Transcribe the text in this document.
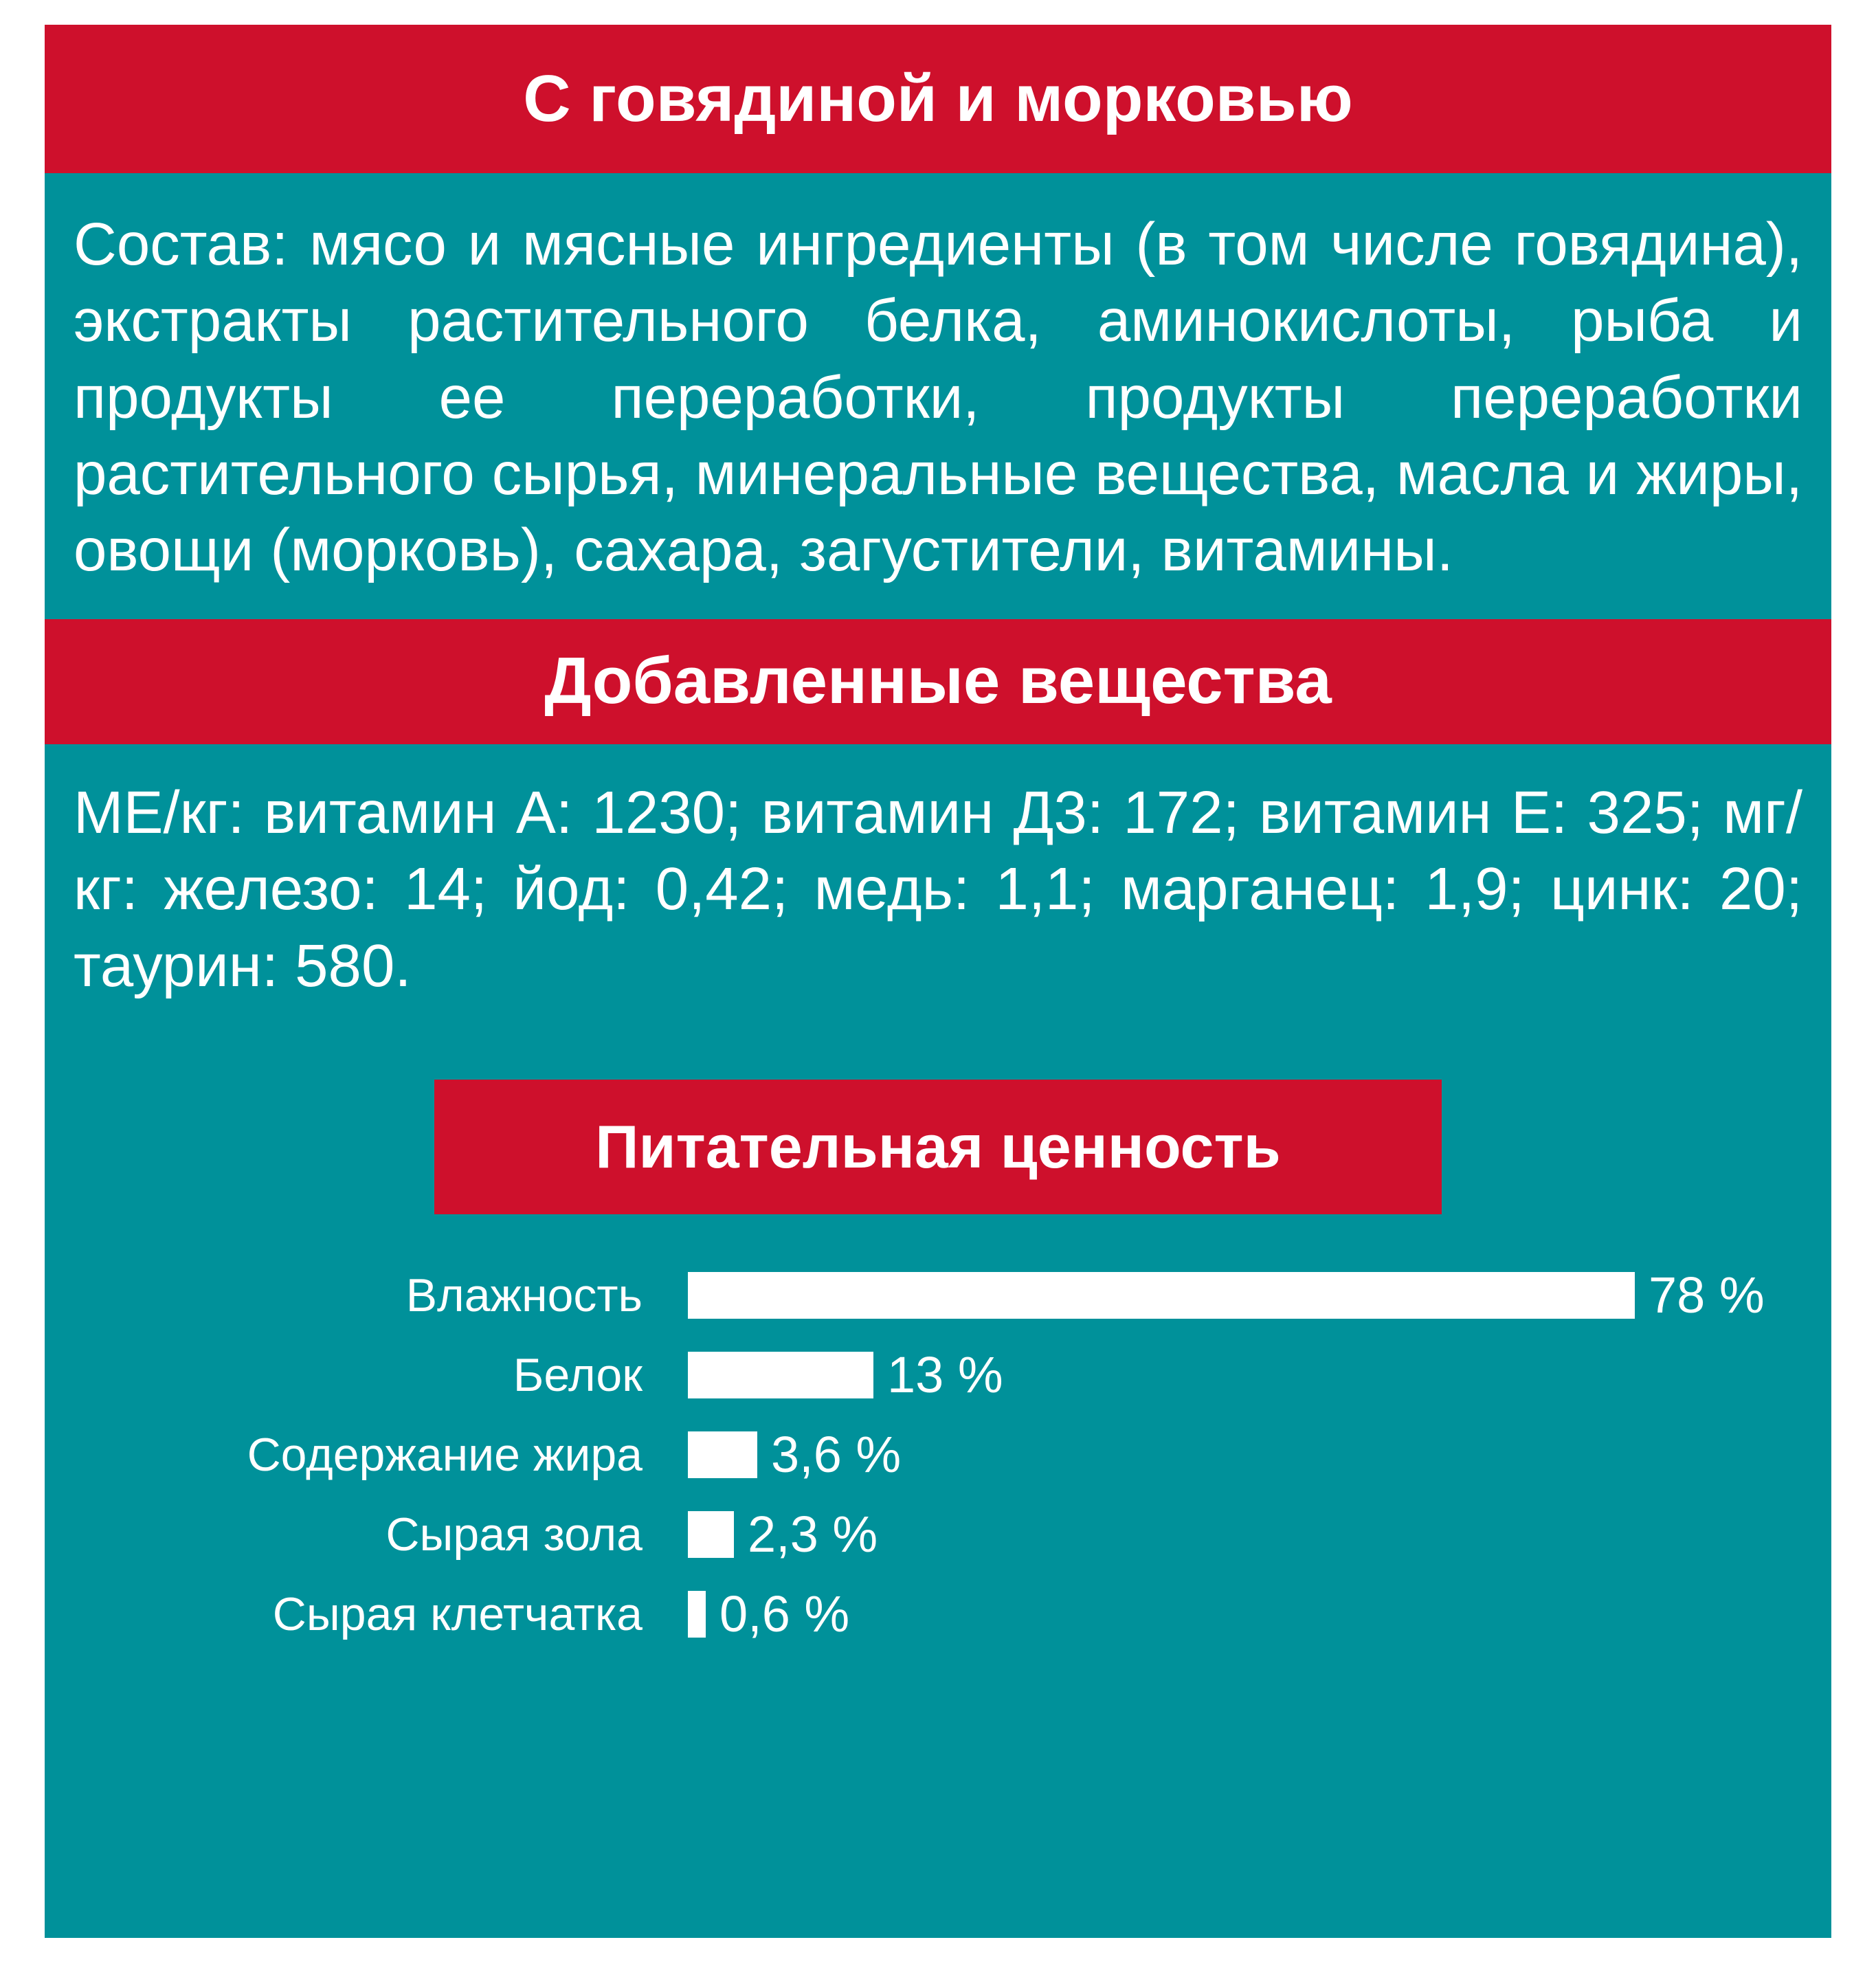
С говядиной и морковью

Состав: мясо и мясные ингредиенты (в том числе говядина), экстракты растительного белка, аминокислоты, рыба и продукты ее переработки, продукты переработки растительного сырья, минеральные вещества, масла и жиры, овощи (морковь), сахара, загустители, витамины.

Добавленные вещества

МЕ/кг: витамин А: 1230; витамин Д3: 172; витамин Е: 325; мг/кг: железо: 14; йод: 0,42; медь: 1,1; марганец: 1,9; цинк: 20; таурин: 580.

Питательная ценность
Влажность	78 %
Белок	13 %
Содержание жира	3,6 %
Сырая зола 2,3 %
Сырая клетчатка 0,6 %
